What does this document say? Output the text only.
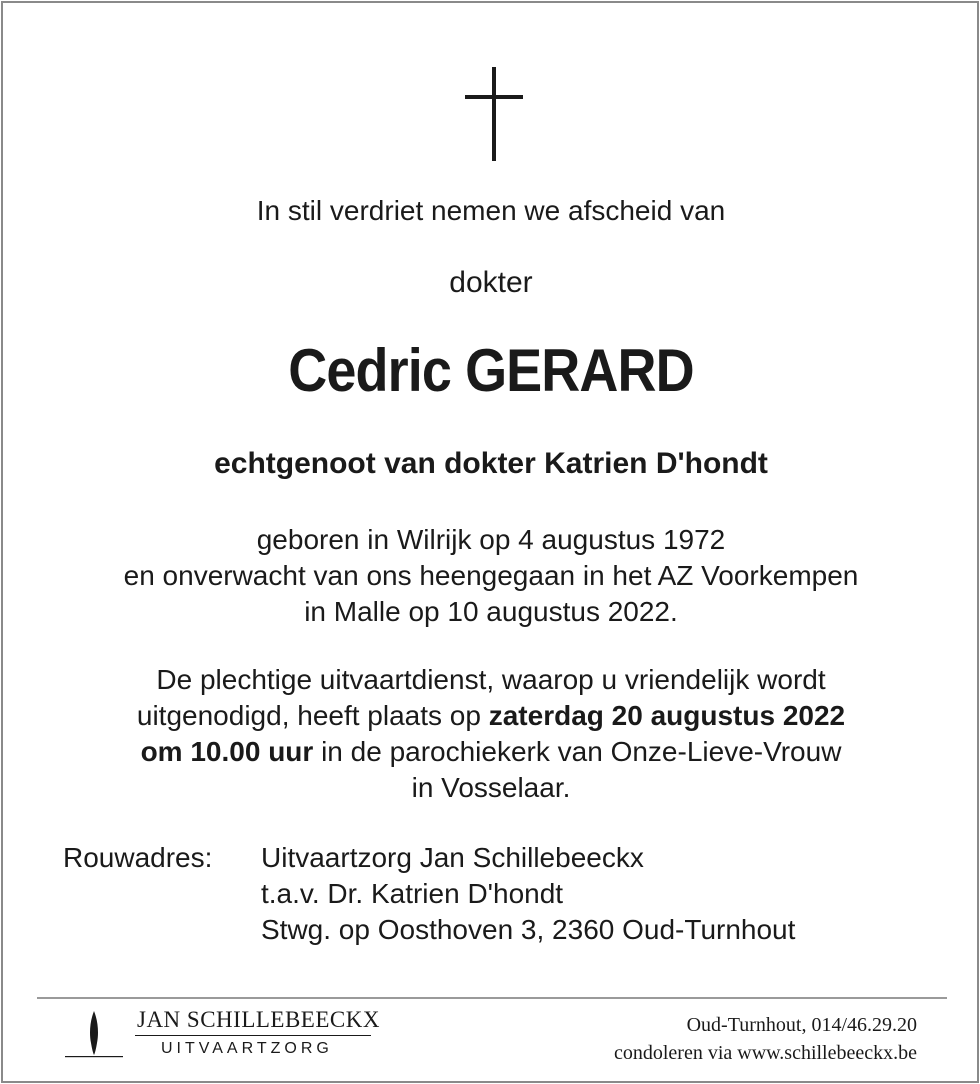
In stil verdriet nemen we afscheid van
dokter
Cedric GERARD
echtgenoot van dokter Katrien D'hondt
geboren in Wilrijk op 4 augustus 1972
en onverwacht van ons heengegaan in het AZ Voorkempen
in Malle op 10 augustus 2022.
De plechtige uitvaartdienst, waarop u vriendelijk wordt
uitgenodigd, heeft plaats op zaterdag 20 augustus 2022
om 10.00 uur in de parochiekerk van Onze-Lieve-Vrouw
in Vosselaar.
Rouwadres: Uitvaartzorg Jan Schillebeeckx
t.a.v. Dr. Katrien D'hondt
Stwg. op Oosthoven 3, 2360 Oud-Turnhout
JAN SCHILLEBEECKX
UITVAARTZORG
Oud-Turnhout, 014/46.29.20
condoleren via www.schillebeeckx.be
